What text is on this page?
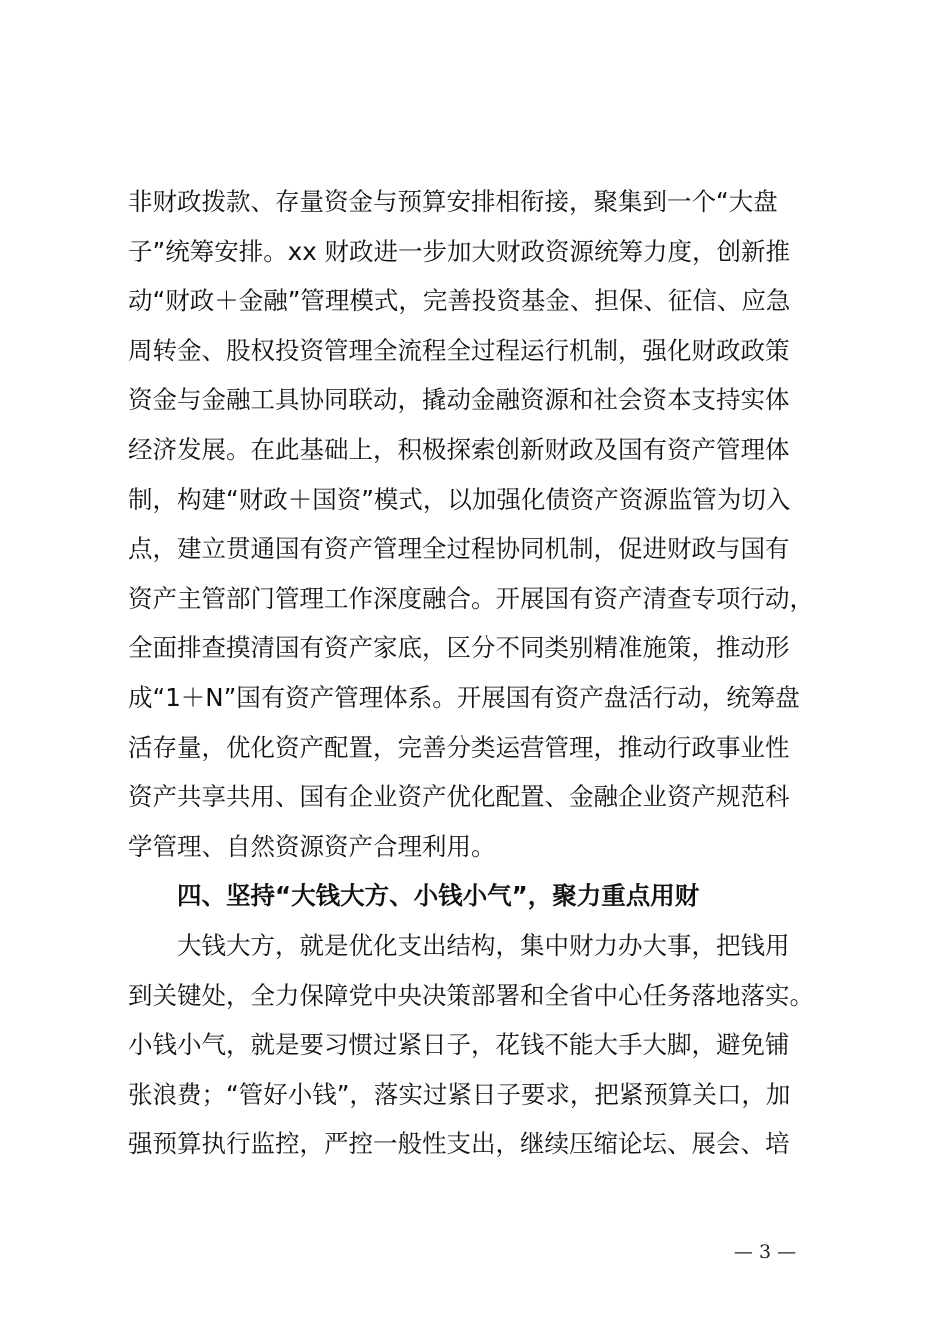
非财政拨款、存量资金与预算安排相衔接，聚集到一个“大盘
子”统筹安排。xx 财政进一步加大财政资源统筹力度，创新推
动“财政＋金融”管理模式，完善投资基金、担保、征信、应急
周转金、股权投资管理全流程全过程运行机制，强化财政政策
资金与金融工具协同联动，撬动金融资源和社会资本支持实体
经济发展。在此基础上，积极探索创新财政及国有资产管理体
制，构建“财政＋国资”模式，以加强化债资产资源监管为切入
点，建立贯通国有资产管理全过程协同机制，促进财政与国有
资产主管部门管理工作深度融合。开展国有资产清查专项行动，
全面排查摸清国有资产家底，区分不同类别精准施策，推动形
成“1＋N”国有资产管理体系。开展国有资产盘活行动，统筹盘
活存量，优化资产配置，完善分类运营管理，推动行政事业性
资产共享共用、国有企业资产优化配置、金融企业资产规范科
学管理、自然资源资产合理利用。
四、坚持“大钱大方、小钱小气”，聚力重点用财
大钱大方，就是优化支出结构，集中财力办大事，把钱用
到关键处，全力保障党中央决策部署和全省中心任务落地落实。
小钱小气，就是要习惯过紧日子，花钱不能大手大脚，避免铺
张浪费；“管好小钱”，落实过紧日子要求，把紧预算关口，加
强预算执行监控，严控一般性支出，继续压缩论坛、展会、培
— 3 —
